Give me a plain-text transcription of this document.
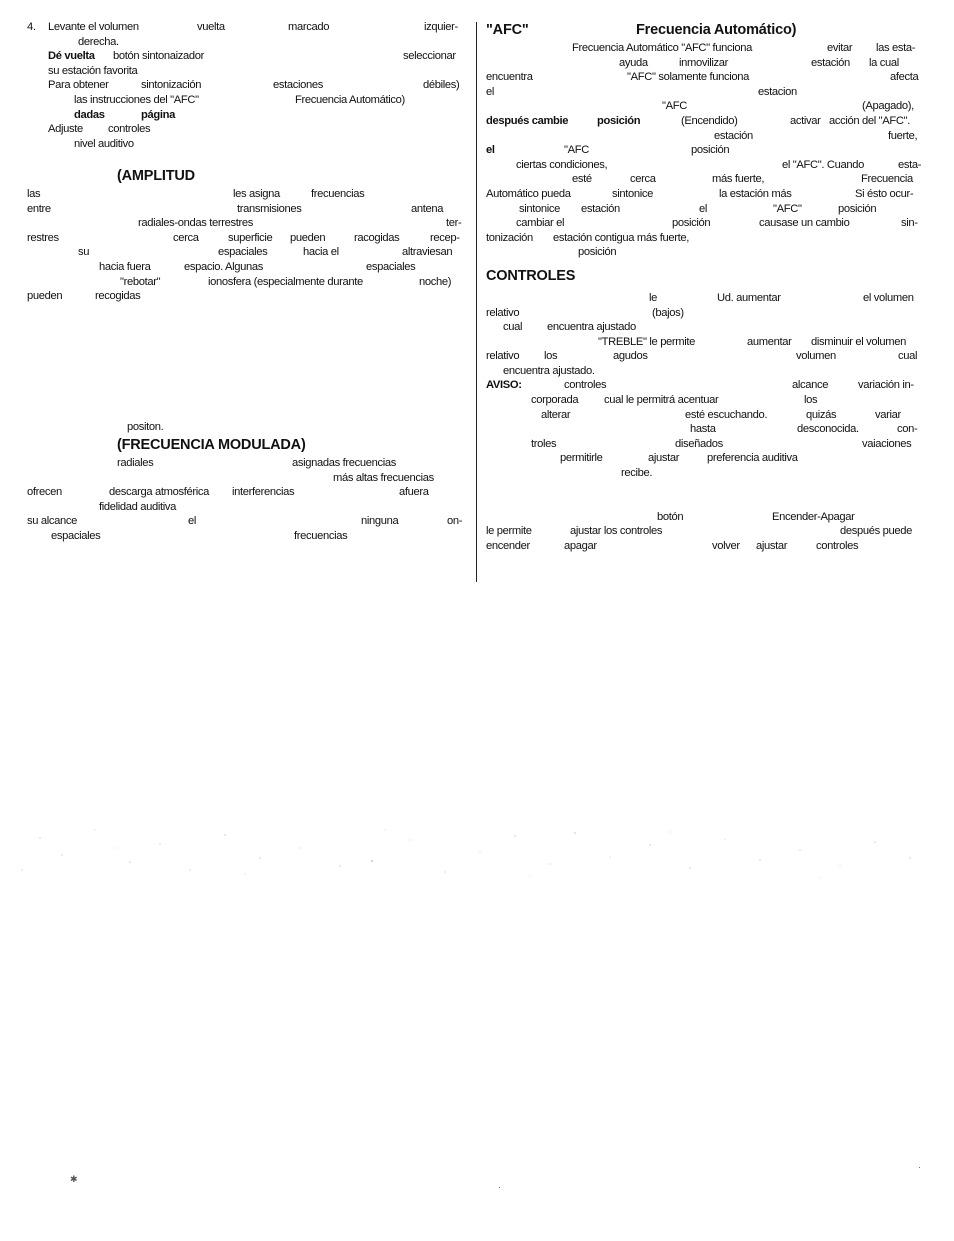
4. Levante el volumen	vuelta	marcado	izquier-
derecha.
Dé vuelta botón sintonaizador	seleccionar
su estación favorita
Para obtener	sintonización	estaciones	débiles)
las instrucciones del "AFC"	Frecuencia Automático)
dadas	página
Adjuste controles
nivel auditivo
(AMPLITUD
las	les asigna	frecuencias
entre	transmisiones	antena
radiales-ondas terrestres	ter-
restres	cerca	superficie pueden	racogidas	recep-
su	espaciales	hacia el	altraviesan
hacia fuera	espacio. Algunas	espaciales
"rebotar"	ionosfera (especialmente durante	noche)
pueden	recogidas
positon.
(FRECUENCIA MODULADA)
radiales	asignadas frecuencias
más altas frecuencias
ofrecen	descarga atmosférica interferencias	afuera
fidelidad auditiva
su alcance	el	ninguna	on-
espaciales	frecuencias
"AFC"	Frecuencia Automático)
Frecuencia Automático "AFC" funciona	evitar las esta-
ayuda	inmovilizar	estación la cual
encuentra	"AFC" solamente funciona	afecta
el	estacion
"AFC	(Apagado),
después cambie	posición	(Encendido)	activar acción del "AFC".
estación	fuerte,
el	"AFC	posición
ciertas condiciones,	el "AFC". Cuando	esta-
esté	cerca	más fuerte,	Frecuencia
Automático pueda	sintonice	la estación más	Si ésto ocur-
sintonice estación	el	"AFC"	posición
cambiar el	posición	causase un cambio	sin-
tonización estación contigua más fuerte,
posición
CONTROLES
le	Ud. aumentar	el volumen
relativo	(bajos)
cual encuentra ajustado
"TREBLE" le permite	aumentar disminuir el volumen
relativo los	agudos	volumen	cual
encuentra ajustado.
AVISO:	controles	alcance	variación in-
corporada cual le permitrá acentuar	los
alterar	esté escuchando.	quizás	variar
hasta	desconocida.	con-
troles	diseñados	vaiaciones
permitirle	ajustar preferencia auditiva
recibe.
botón	Encender-Apagar
le permite	ajustar los controles	después puede
encender	apagar	volver ajustar	controles
✱
·
·
